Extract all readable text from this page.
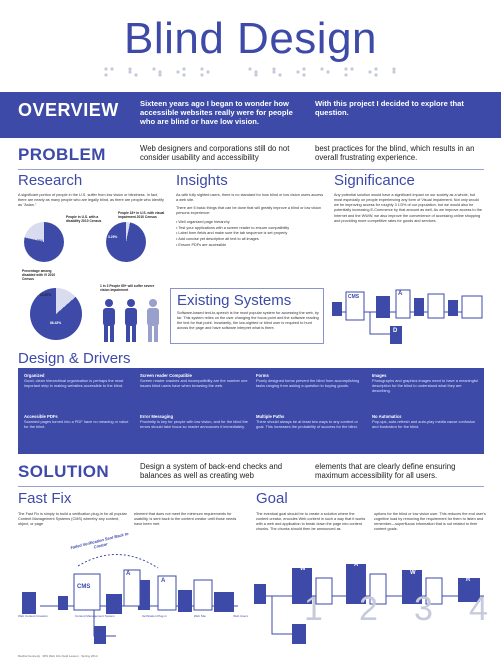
Blind Design
OVERVIEW	Sixteen years ago I began to wonder how accessible websites really were for people who are blind or have low vision.
With this project I decided to explore that question.
PROBLEM	Web designers and corporations still do not consider usability and accessibility
best practices for the blind, which results in an overall frustrating experience.
Research
A significant portion of people in the U.S. suffer from low vision or blindness. In fact, there are nearly as many people who are legally blind, as there are people who identify as "Asian."
21.29%
People in U.S. with a disability 2010 Census
3.29%
People 18+ in U.S. with visual impairment 2010 Census
Percentage among disabled with VI 2010 Census
13.57%
86.43%
1 in 3 People 65+ will suffer severe vision impairment
Insights
As with fully sighted users, there is no standard for how blind or low vision users access a web site.
There are 5 basic things that can be done that will greatly improve a blind or low vision persons experience:
• Well organized page hierarchy
• Test your applications with a screen reader to ensure compatibility
• Label form fields and make sure the tab sequence is set properly
• Add concise yet descriptive alt text to all images
• Ensure PDFs are accessible
Significance
Any potential solution would have a significant impact on our society as a whole, but most especially on people experiencing any form of Visual Impairment. Not only would we be improving access for roughly 3 1/3% of our population, but we would also be potentially increasing E-Commerce by that amount as well. As we improve access to the Internet and the WWW, we also improve the convenience of accessing online shopping and providing more competitive rates for goods and services.
Existing Systems
Software-based text-to-speech is the most popular system for accessing the web, by far. This system relies on the user changing the focus point and the software reading the text for that point. Invariantly, the low-sighted or blind user is required to hunt across the page and have software interpret what is there.
CMS	A
D
Design & Drivers
Organized
Good, clean hierarchical organization is perhaps the most important step in making websites accessible to the blind.
Screen reader Compatible
Screen reader crashes and incompatibility are the number one issues blind users have when browsing the web.
Forms
Poorly designed forms prevent the blind from accomplishing tasks ranging from asking a question to buying goods.
Images
Photographs and graphics images need to have a meaningful description for the blind to understand what they are describing.
Accessible PDFs
Scanned pages turned into a PDF have no meaning or value for the blind.
Error Messaging
Proximity is key for people with low vision, and for the blind the errors should take focus so reader announces it immediately.
Multiple Paths
There should always be at least two ways to any content or goal. This increases the probability of success for the blind.
No Automatics
Pop-ups, auto-refresh and auto-play media cause confusion and frustration for the blind.
SOLUTION	Design a system of back-end checks and balances as well as creating web
elements that are clearly define ensuring maximum accessibility for all users.
Fast Fix
The Fast Fix is simply to build a verification plug-in for all popular Content Management Systems (CMS) whereby any content, object, or page
element that does not meet the minimum requirements for usability, is sent back to the content creator until those needs have been met.
Failed Verification Sent Back to Creator
CMS
A
A
Web Content Creators	Content Management System	Verification Plug-in	Web Site	Web Users
Goal
The eventual goal should be to create a solution where the content creator, encodes Web content in such a way that it works with a web and application to break down the page into content chunks. The chunks should then be announced as
options for the blind or low vision user. This reduces the end user's cognitive load by removing the requirement for them to listen and remember—superfluous information that is not related to their content goals.
W
A
W
R
1 2 3 4
Rachel Kennedy · MIS Web Info Field Lesson · Spring 2014
